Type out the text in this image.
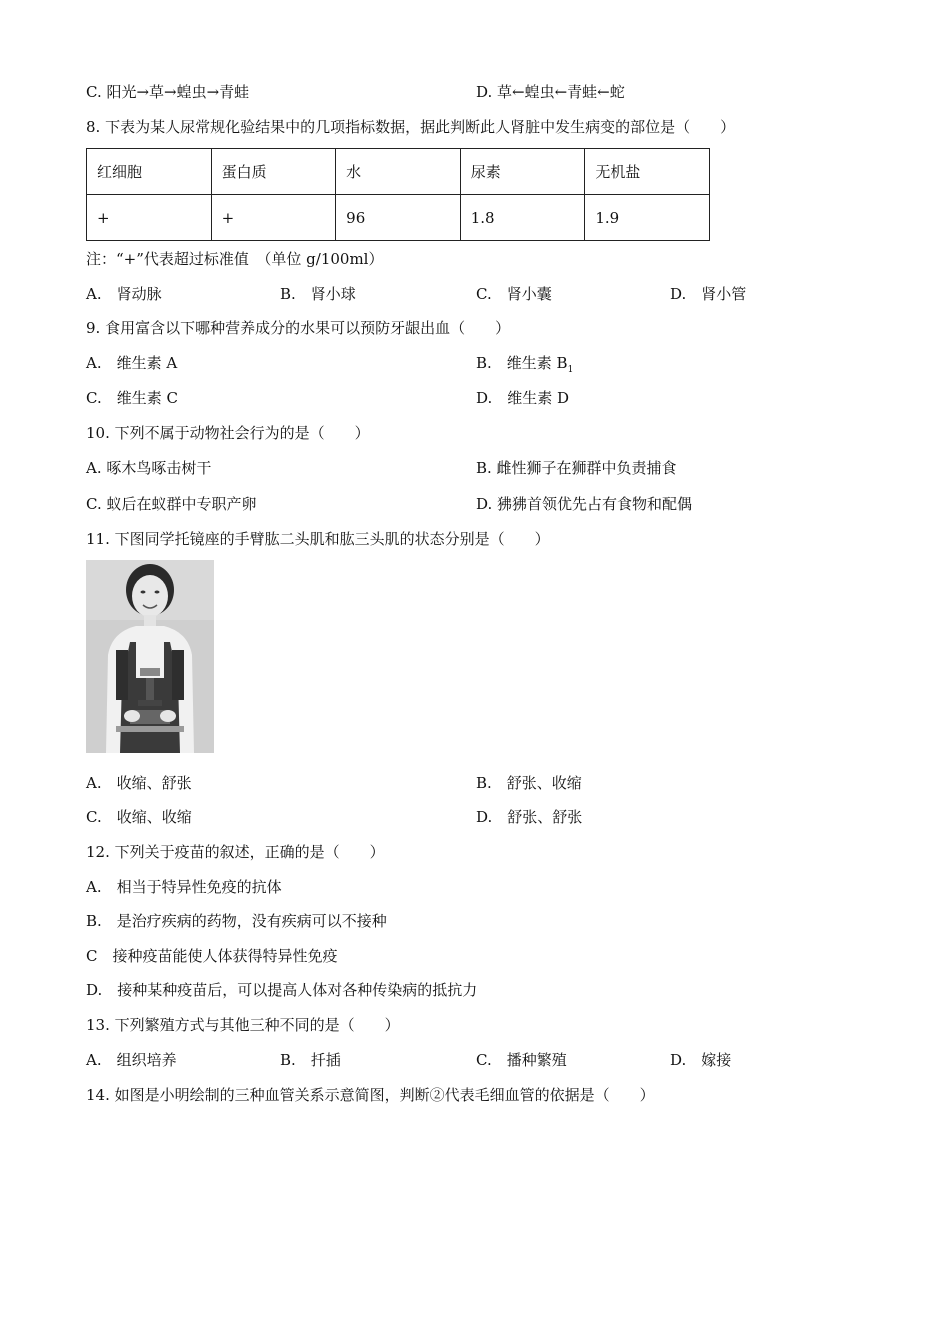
C. 阳光→草→蝗虫→青蛙	D. 草←蝗虫←青蛙←蛇
8. 下表为某人尿常规化验结果中的几项指标数据，据此判断此人肾脏中发生病变的部位是（　　）
红细胞	蛋白质	水	尿素	无机盐
+	+	96	1.8	1.9
注：“+”代表超过标准值　（单位 g/100ml）
A.　肾动脉	B.　肾小球	C.　肾小囊	D.　肾小管
9. 食用富含以下哪种营养成分的水果可以预防牙龈出血（　　）
A.　维生素 A	B.　维生素 $B_1$
C.　维生素 C	D.　维生素 D
10. 下列不属于动物社会行为的是（　　）
A. 啄木鸟啄击树干	B. 雌性狮子在狮群中负责捕食
C. 蚁后在蚁群中专职产卵	D. 狒狒首领优先占有食物和配偶
11. 下图同学托镜座的手臂肱二头肌和肱三头肌的状态分别是（　　）
A.　收缩、舒张	B.　舒张、收缩
C.　收缩、收缩	D.　舒张、舒张
12. 下列关于疫苗的叙述，正确的是（　　）
A.　相当于特异性免疫的抗体
B.　是治疗疾病的药物，没有疾病可以不接种
C　接种疫苗能使人体获得特异性免疫
D.　接种某种疫苗后，可以提高人体对各种传染病的抵抗力
13. 下列繁殖方式与其他三种不同的是（　　）
A.　组织培养	B.　扦插	C.　播种繁殖	D.　嫁接
14. 如图是小明绘制的三种血管关系示意简图，判断②代表毛细血管的依据是（　　）
